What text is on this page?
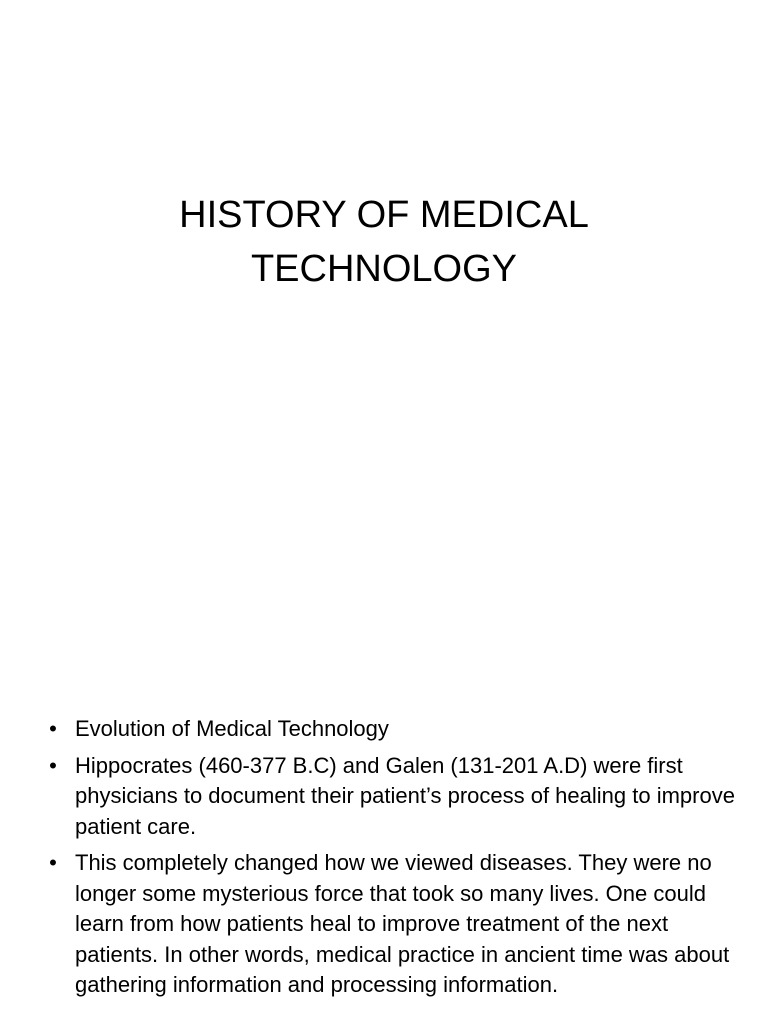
HISTORY OF MEDICAL
TECHNOLOGY
• Evolution of Medical Technology
• Hippocrates (460-377 B.C) and Galen (131-201 A.D) were first physicians to document their patient’s process of healing to improve patient care.
• This completely changed how we viewed diseases. They were no longer some mysterious force that took so many lives. One could learn from how patients heal to improve treatment of the next patients. In other words, medical practice in ancient time was about gathering information and processing information.
